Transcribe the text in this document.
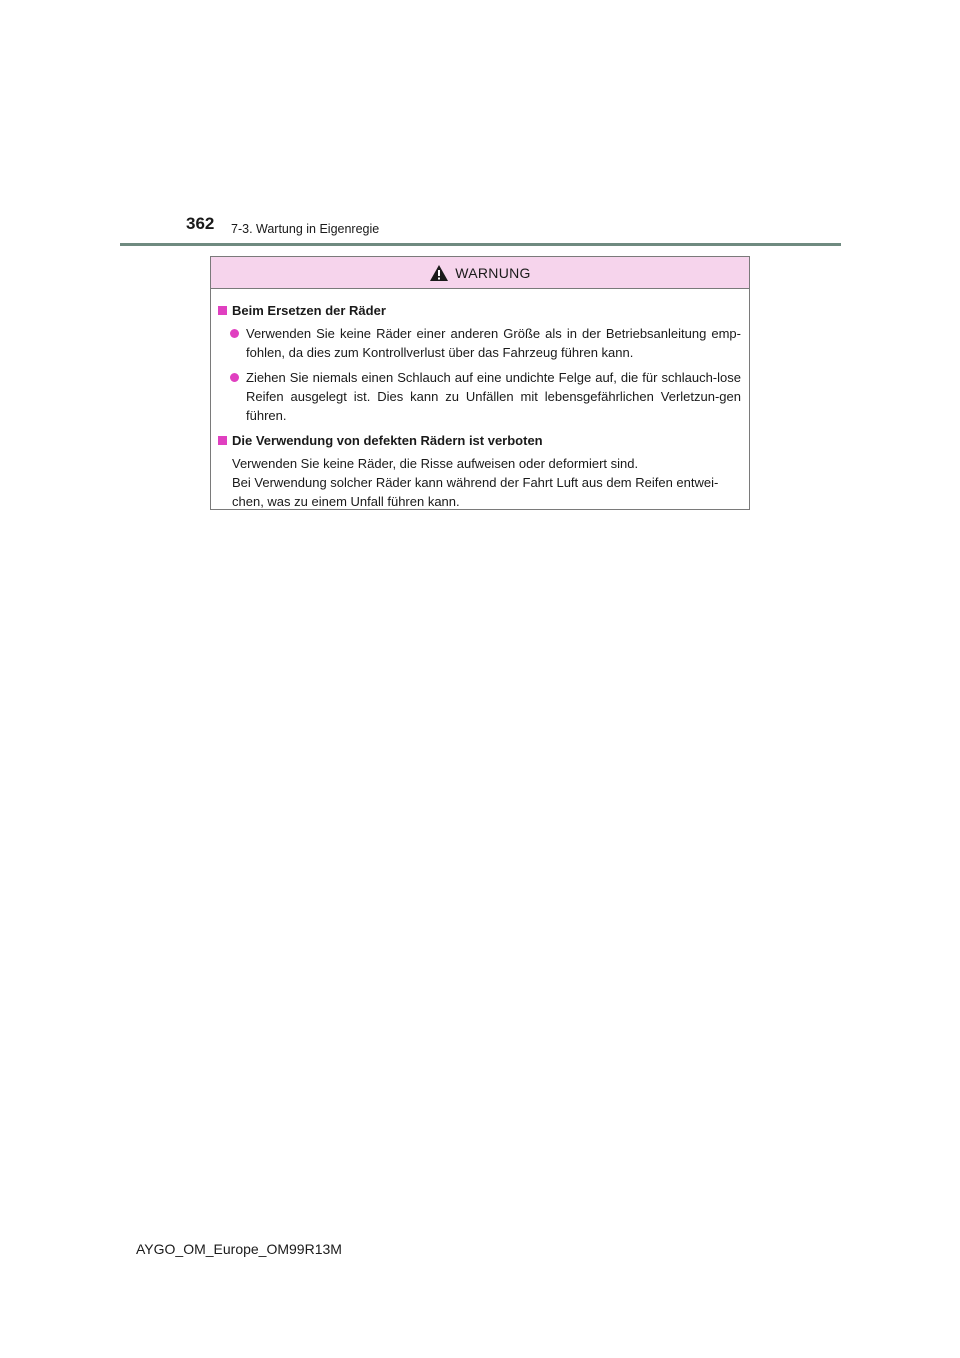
362 7-3. Wartung in Eigenregie
WARNUNG
Beim Ersetzen der Räder
Verwenden Sie keine Räder einer anderen Größe als in der Betriebsanleitung emp-fohlen, da dies zum Kontrollverlust über das Fahrzeug führen kann.
Ziehen Sie niemals einen Schlauch auf eine undichte Felge auf, die für schlauch-lose Reifen ausgelegt ist. Dies kann zu Unfällen mit lebensgefährlichen Verletzun-gen führen.
Die Verwendung von defekten Rädern ist verboten
Verwenden Sie keine Räder, die Risse aufweisen oder deformiert sind.
Bei Verwendung solcher Räder kann während der Fahrt Luft aus dem Reifen entwei-chen, was zu einem Unfall führen kann.
AYGO_OM_Europe_OM99R13M
